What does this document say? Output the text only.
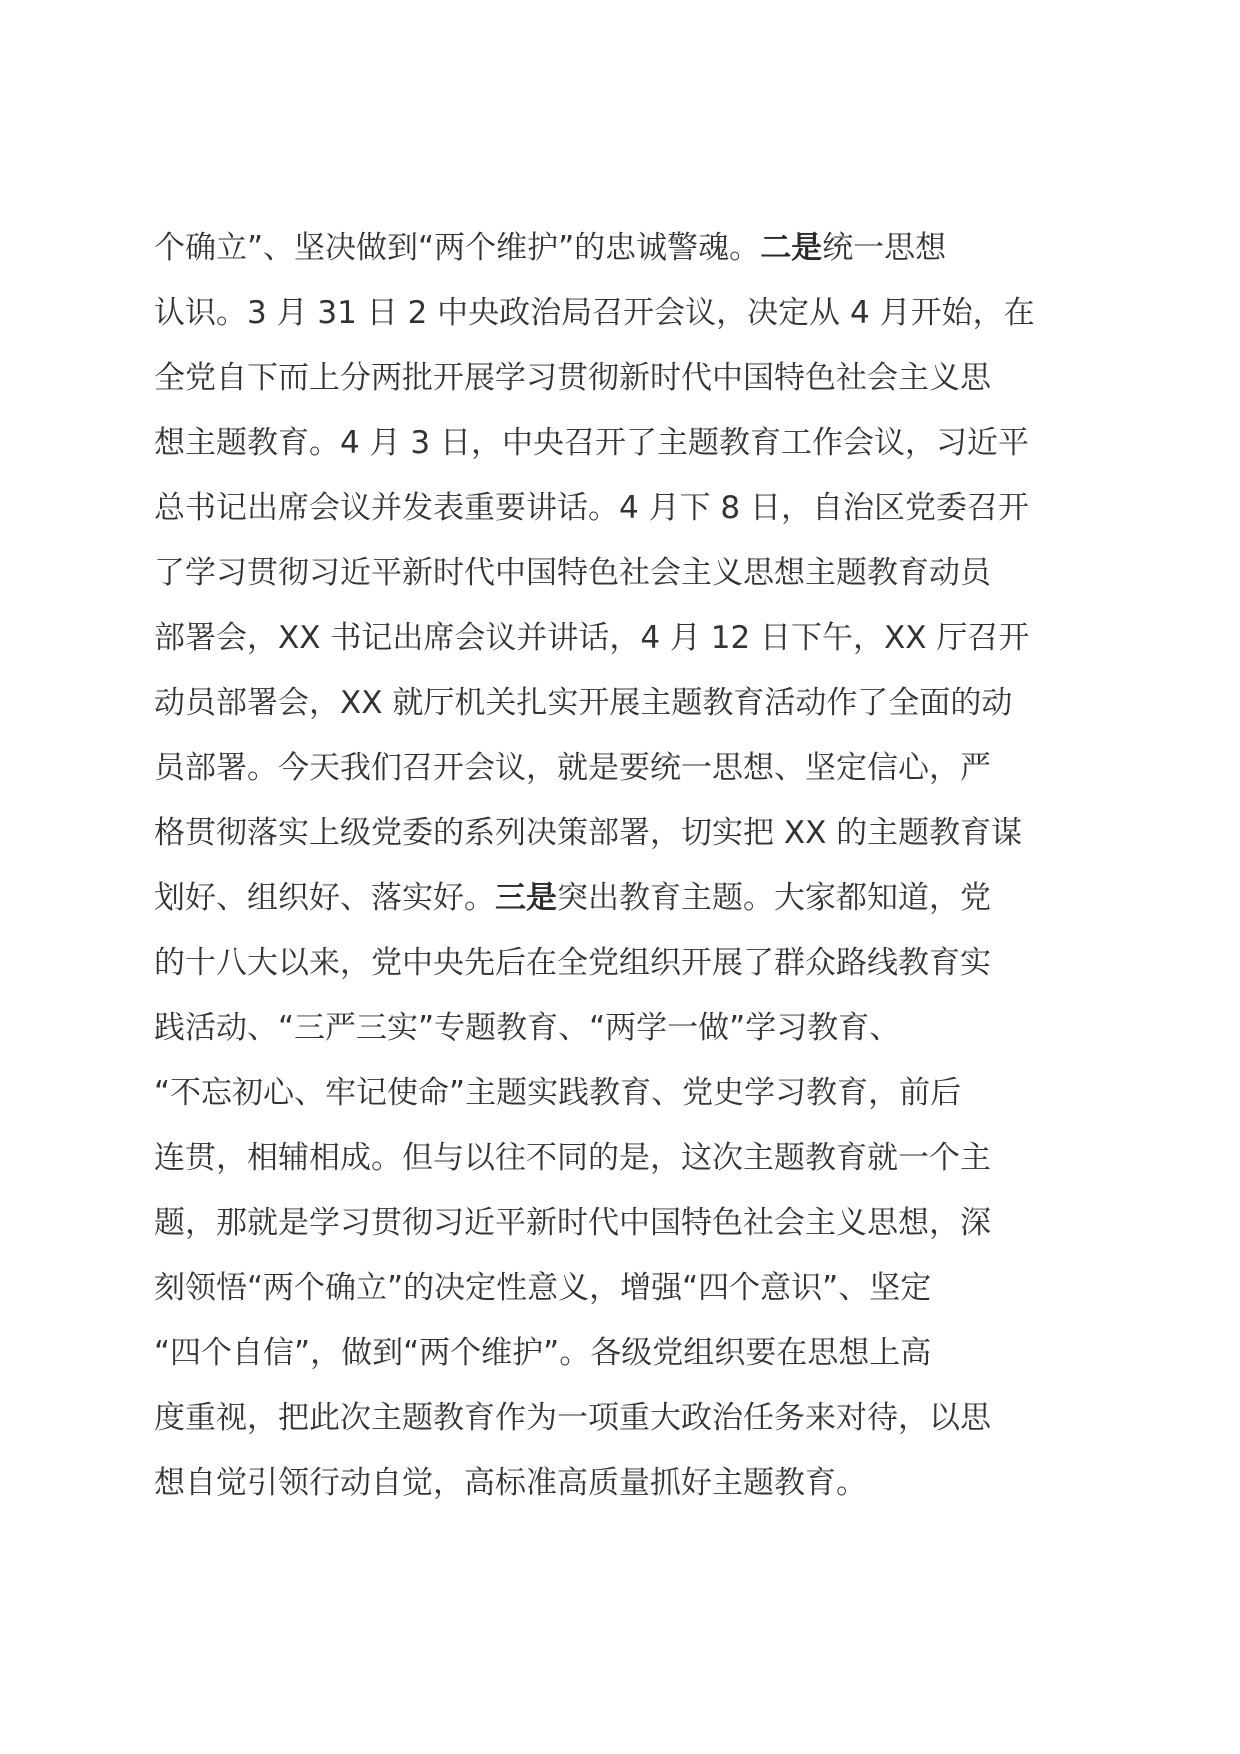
个确立”、坚决做到“两个维护”的忠诚警魂。二是统一思想
认识。3 月 31 日 2 中央政治局召开会议，决定从 4 月开始，在
全党自下而上分两批开展学习贯彻新时代中国特色社会主义思
想主题教育。4 月 3 日，中央召开了主题教育工作会议，习近平
总书记出席会议并发表重要讲话。4 月下 8 日，自治区党委召开
了学习贯彻习近平新时代中国特色社会主义思想主题教育动员
部署会，XX 书记出席会议并讲话，4 月 12 日下午，XX 厅召开
动员部署会，XX 就厅机关扎实开展主题教育活动作了全面的动
员部署。今天我们召开会议，就是要统一思想、坚定信心，严
格贯彻落实上级党委的系列决策部署，切实把 XX 的主题教育谋
划好、组织好、落实好。三是突出教育主题。大家都知道，党
的十八大以来，党中央先后在全党组织开展了群众路线教育实
践活动、“三严三实”专题教育、“两学一做”学习教育、
“不忘初心、牢记使命”主题实践教育、党史学习教育，前后
连贯，相辅相成。但与以往不同的是，这次主题教育就一个主
题，那就是学习贯彻习近平新时代中国特色社会主义思想，深
刻领悟“两个确立”的决定性意义，增强“四个意识”、坚定
“四个自信”，做到“两个维护”。各级党组织要在思想上高
度重视，把此次主题教育作为一项重大政治任务来对待，以思
想自觉引领行动自觉，高标准高质量抓好主题教育。
